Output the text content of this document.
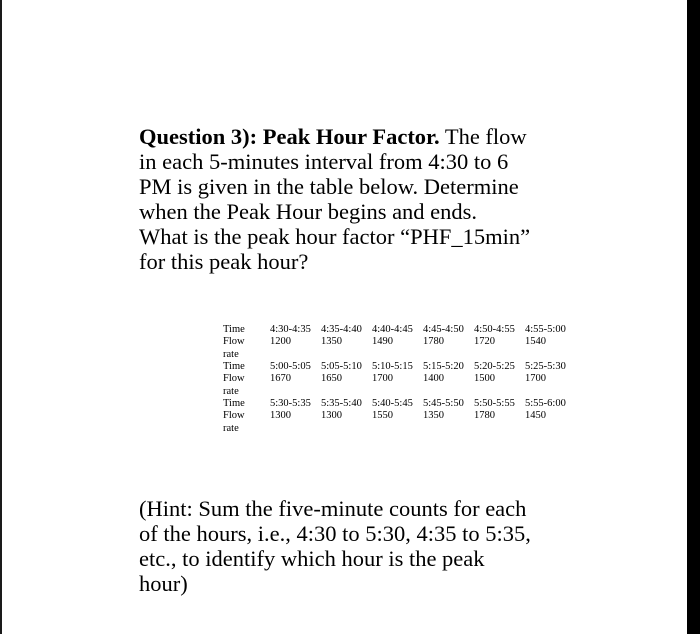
Question 3): Peak Hour Factor. The flow
in each 5-minutes interval from 4:30 to 6
PM is given in the table below. Determine
when the Peak Hour begins and ends.
What is the peak hour factor “PHF_15min”
for this peak hour?
Time	4:30-4:35 4:35-4:40 4:40-4:45 4:45-4:50 4:50-4:55 4:55-5:00
Flow	1200	1350	1490	1780	1720	1540
rate
Time	5:00-5:05 5:05-5:10 5:10-5:15 5:15-5:20 5:20-5:25 5:25-5:30
Flow	1670	1650	1700	1400	1500	1700
rate
Time	5:30-5:35 5:35-5:40 5:40-5:45 5:45-5:50 5:50-5:55 5:55-6:00
Flow	1300	1300	1550	1350	1780	1450
rate
(Hint: Sum the five-minute counts for each
of the hours, i.e., 4:30 to 5:30, 4:35 to 5:35,
etc., to identify which hour is the peak
hour)
